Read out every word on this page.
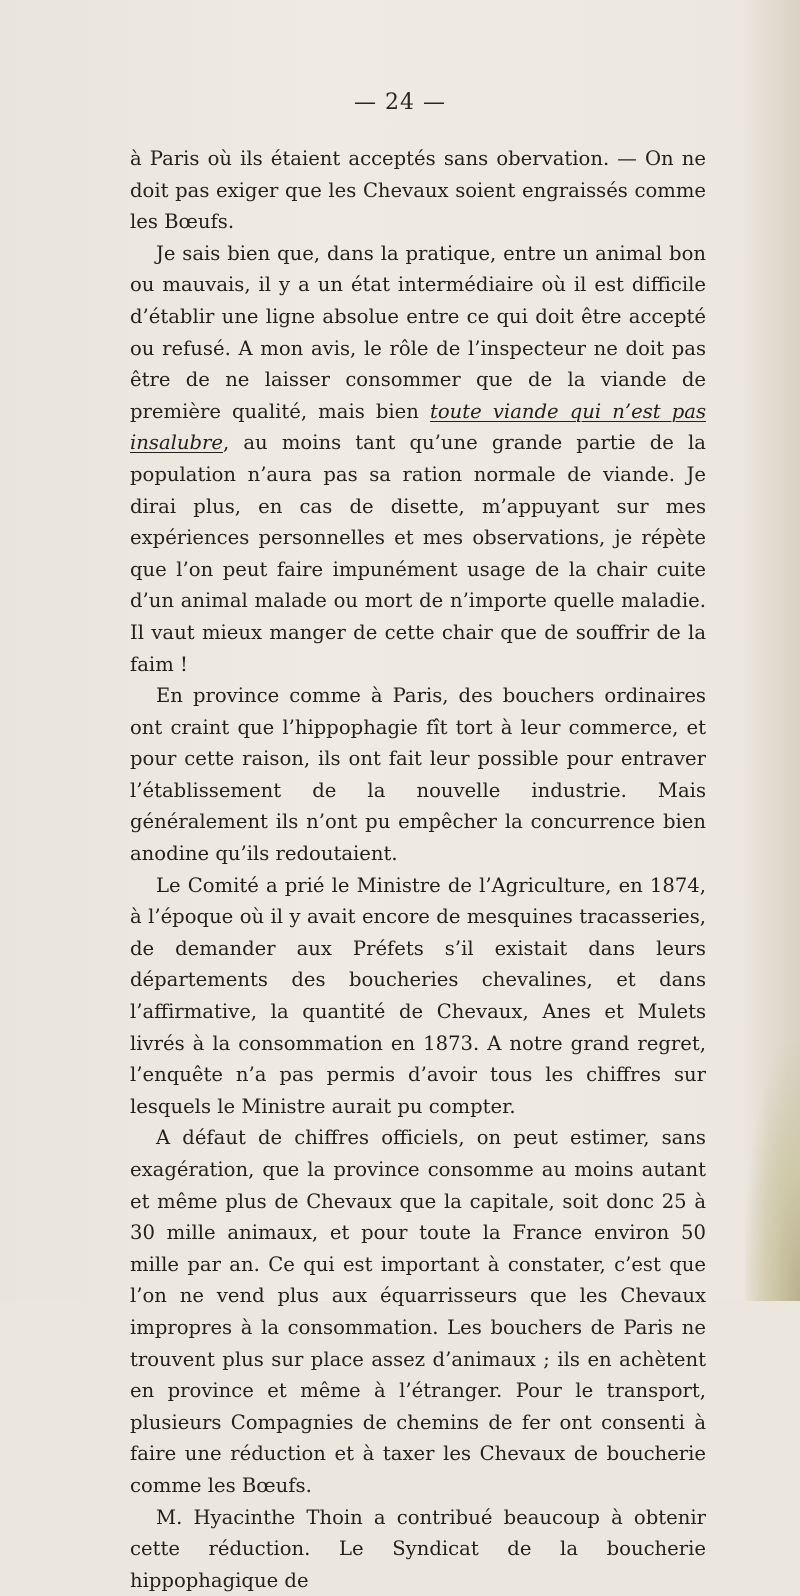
— 24 —

à Paris où ils étaient acceptés sans obervation. — On ne doit pas exiger que les Chevaux soient engraissés comme les Bœufs.

Je sais bien que, dans la pratique, entre un animal bon ou mauvais, il y a un état intermédiaire où il est difficile d’établir une ligne absolue entre ce qui doit être accepté ou refusé. A mon avis, le rôle de l’inspecteur ne doit pas être de ne laisser consommer que de la viande de première qualité, mais bien toute viande qui n’est pas insalubre, au moins tant qu’une grande partie de la population n’aura pas sa ration normale de viande. Je dirai plus, en cas de disette, m’appuyant sur mes expériences personnelles et mes observations, je répète que l’on peut faire impunément usage de la chair cuite d’un animal malade ou mort de n’importe quelle maladie. Il vaut mieux manger de cette chair que de souffrir de la faim !

En province comme à Paris, des bouchers ordinaires ont craint que l’hippophagie fît tort à leur commerce, et pour cette raison, ils ont fait leur possible pour entraver l’établissement de la nouvelle industrie. Mais généralement ils n’ont pu empêcher la concurrence bien anodine qu’ils redoutaient.

Le Comité a prié le Ministre de l’Agriculture, en 1874, à l’époque où il y avait encore de mesquines tracasseries, de demander aux Préfets s’il existait dans leurs départements des boucheries chevalines, et dans l’affirmative, la quantité de Chevaux, Anes et Mulets livrés à la consommation en 1873. A notre grand regret, l’enquête n’a pas permis d’avoir tous les chiffres sur lesquels le Ministre aurait pu compter.

A défaut de chiffres officiels, on peut estimer, sans exagération, que la province consomme au moins autant et même plus de Chevaux que la capitale, soit donc 25 à 30 mille animaux, et pour toute la France environ 50 mille par an. Ce qui est important à constater, c’est que l’on ne vend plus aux équarrisseurs que les Chevaux impropres à la consommation. Les bouchers de Paris ne trouvent plus sur place assez d’animaux ; ils en achètent en province et même à l’étranger. Pour le transport, plusieurs Compagnies de chemins de fer ont consenti à faire une réduction et à taxer les Chevaux de boucherie comme les Bœufs.

M. Hyacinthe Thoin a contribué beaucoup à obtenir cette réduction. Le Syndicat de la boucherie hippophagique de
